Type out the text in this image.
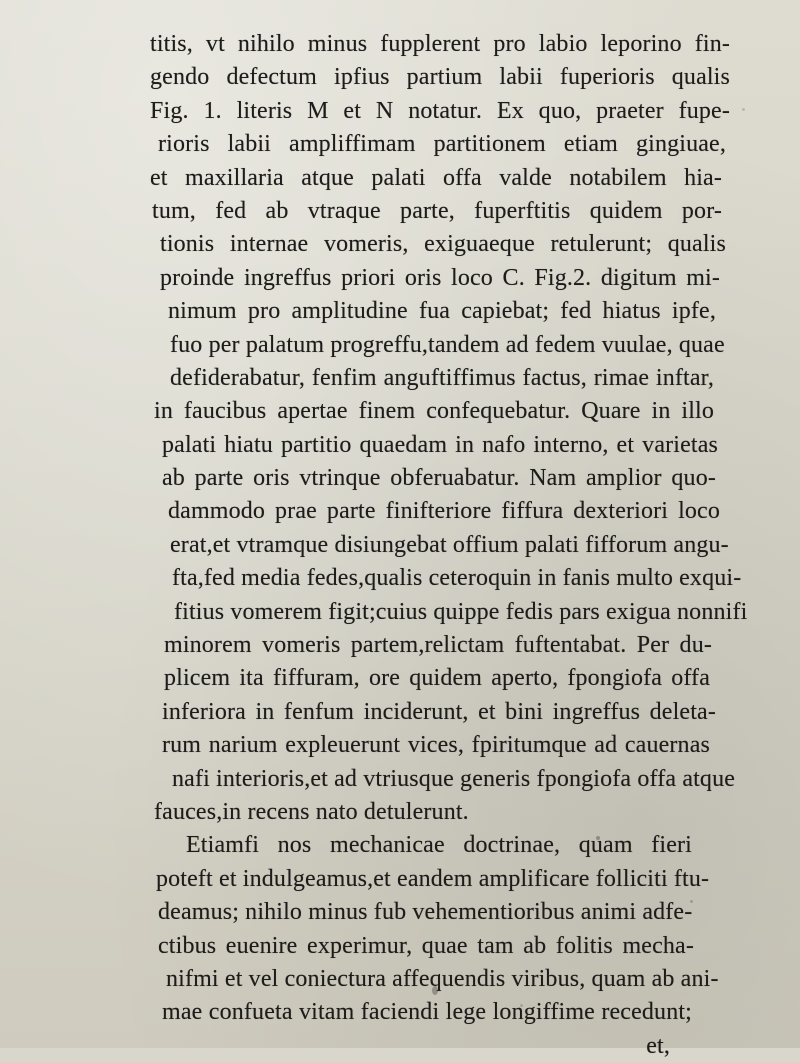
titis, vt nihilo minus fupplerent pro labio leporino fin-
gendo defectum ipfius partium labii fuperioris qualis
Fig. 1. literis M et N notatur. Ex quo, praeter fupe-
rioris labii ampliffimam partitionem etiam gingiuae,
et maxillaria atque palati offa valde notabilem hia-
tum, fed ab vtraque parte, fuperftitis quidem por-
tionis internae vomeris, exiguaeque retulerunt; qualis
proinde ingreffus priori oris loco C. Fig.2. digitum mi-
nimum pro amplitudine fua capiebat; fed hiatus ipfe,
fuo per palatum progreffu,tandem ad fedem vuulae, quae
defiderabatur, fenfim anguftiffimus factus, rimae inftar,
in faucibus apertae finem confequebatur. Quare in illo
palati hiatu partitio quaedam in nafo interno, et varietas
ab parte oris vtrinque obferuabatur. Nam amplior quo-
dammodo prae parte finifteriore fiffura dexteriori loco
erat,et vtramque disiungebat offium palati fifforum angu-
fta,fed media fedes,qualis ceteroquin in fanis multo exqui-
fitius vomerem figit;cuius quippe fedis pars exigua nonnifi
minorem vomeris partem,relictam fuftentabat. Per du-
plicem ita fiffuram, ore quidem aperto, fpongiofa offa
inferiora in fenfum inciderunt, et bini ingreffus deleta-
rum narium expleuerunt vices, fpiritumque ad cauernas
nafi interioris,et ad vtriusque generis fpongiofa offa atque
fauces,in recens nato detulerunt.
Etiamfi nos mechanicae doctrinae, quam fieri
poteft et indulgeamus,et eandem amplificare folliciti ftu-
deamus; nihilo minus fub vehementioribus animi adfe-
ctibus euenire experimur, quae tam ab folitis mecha-
nifmi et vel coniectura affequendis viribus, quam ab ani-
mae confueta vitam faciendi lege longiffime recedunt;
et,
